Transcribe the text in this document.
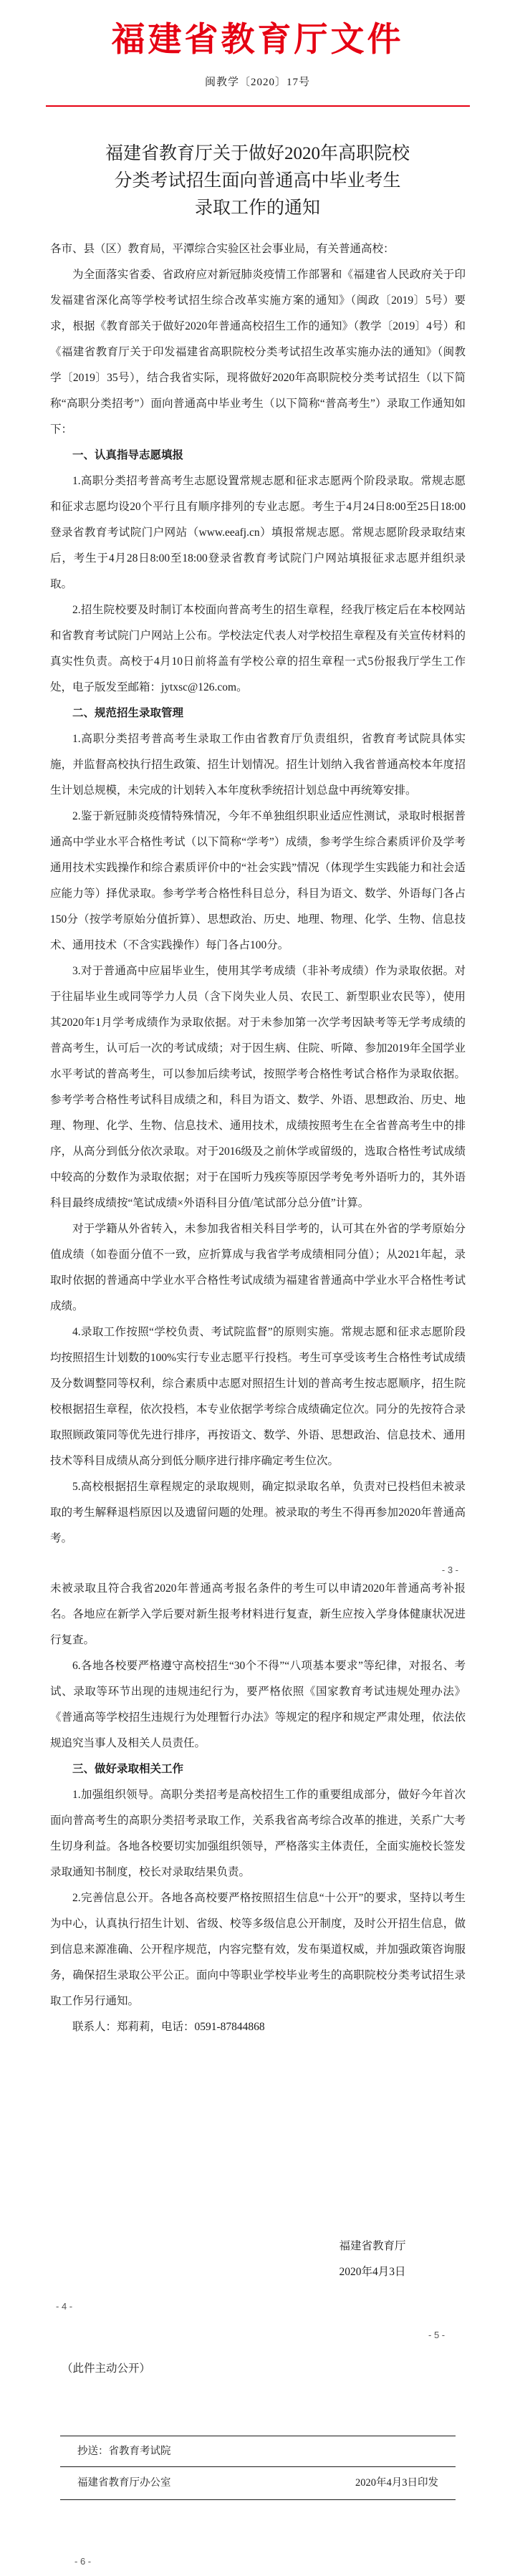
福建省教育厅文件
闽教学〔2020〕17号
福建省教育厅关于做好2020年高职院校
分类考试招生面向普通高中毕业考生
录取工作的通知

各市、县（区）教育局，平潭综合实验区社会事业局，有关普通高校：

为全面落实省委、省政府应对新冠肺炎疫情工作部署和《福建省人民政府关于印发福建省深化高等学校考试招生综合改革实施方案的通知》（闽政〔2019〕5号）要求，根据《教育部关于做好2020年普通高校招生工作的通知》（教学〔2019〕4号）和《福建省教育厅关于印发福建省高职院校分类考试招生改革实施办法的通知》（闽教学〔2019〕35号），结合我省实际，现将做好2020年高职院校分类考试招生（以下简称“高职分类招考”）面向普通高中毕业考生（以下简称“普高考生”）录取工作通知如下：

一、认真指导志愿填报

1.高职分类招考普高考生志愿设置常规志愿和征求志愿两个阶段录取。常规志愿和征求志愿均设20个平行且有顺序排列的专业志愿。考生于4月24日8:00至25日18:00登录省教育考试院门户网站（www.eeafj.cn）填报常规志愿。常规志愿阶段录取结束后，考生于4月28日8:00至18:00登录省教育考试院门户网站填报征求志愿并组织录取。

2.招生院校要及时制订本校面向普高考生的招生章程，经我厅核定后在本校网站和省教育考试院门户网站上公布。学校法定代表人对学校招生章程及有关宣传材料的真实性负责。高校于4月10日前将盖有学校公章的招生章程一式5份报我厅学生工作处，电子版发至邮箱：jytxsc@126.com。

二、规范招生录取管理

1.高职分类招考普高考生录取工作由省教育厅负责组织，省教育考试院具体实施，并监督高校执行招生政策、招生计划情况。招生计划纳入我省普通高校本年度招生计划总规模，未完成的计划转入本年度秋季统招计划总盘中再统筹安排。

2.鉴于新冠肺炎疫情特殊情况，今年不单独组织职业适应性测试，录取时根据普通高中学业水平合格性考试（以下简称“学考”）成绩，参考学生综合素质评价及学考通用技术实践操作和综合素质评价中的“社会实践”情况（体现学生实践能力和社会适应能力等）择优录取。参考学考合格性科目总分，科目为语文、数学、外语每门各占150分（按学考原始分值折算）、思想政治、历史、地理、物理、化学、生物、信息技术、通用技术（不含实践操作）每门各占100分。

3.对于普通高中应届毕业生，使用其学考成绩（非补考成绩）作为录取依据。对于往届毕业生或同等学力人员（含下岗失业人员、农民工、新型职业农民等），使用其2020年1月学考成绩作为录取依据。对于未参加第一次学考因缺考等无学考成绩的普高考生，认可后一次的考试成绩；对于因生病、住院、听障、参加2019年全国学业水平考试的普高考生，可以参加后续考试，按照学考合格性考试合格作为录取依据。参考学考合格性考试科目成绩之和，科目为语文、数学、外语、思想政治、历史、地理、物理、化学、生物、信息技术、通用技术，成绩按照考生在全省普高考生中的排序，从高分到低分依次录取。对于2016级及之前休学或留级的，选取合格性考试成绩中较高的分数作为录取依据；对于在国听力残疾等原因学考免考外语听力的，其外语科目最终成绩按“笔试成绩×外语科目分值/笔试部分总分值”计算。

对于学籍从外省转入，未参加我省相关科目学考的，认可其在外省的学考原始分值成绩（如卷面分值不一致，应折算成与我省学考成绩相同分值）；从2021年起，录取时依据的普通高中学业水平合格性考试成绩为福建省普通高中学业水平合格性考试成绩。

4.录取工作按照“学校负责、考试院监督”的原则实施。常规志愿和征求志愿阶段均按照招生计划数的100%实行专业志愿平行投档。考生可享受该考生合格性考试成绩及分数调整同等权利，综合素质中志愿对照招生计划的普高考生按志愿顺序，招生院校根据招生章程，依次投档，本专业依据学考综合成绩确定位次。同分的先按符合录取照顾政策同等优先进行排序，再按语文、数学、外语、思想政治、信息技术、通用技术等科目成绩从高分到低分顺序进行排序确定考生位次。

5.高校根据招生章程规定的录取规则，确定拟录取名单，负责对已投档但未被录取的考生解释退档原因以及遗留问题的处理。被录取的考生不得再参加2020年普通高考。

- 3 -

未被录取且符合我省2020年普通高考报名条件的考生可以申请2020年普通高考补报名。各地应在新学入学后要对新生报考材料进行复查，新生应按入学身体健康状况进行复查。

6.各地各校要严格遵守高校招生“30个不得”“八项基本要求”等纪律，对报名、考试、录取等环节出现的违规违纪行为，要严格依照《国家教育考试违规处理办法》《普通高等学校招生违规行为处理暂行办法》等规定的程序和规定严肃处理，依法依规追究当事人及相关人员责任。

三、做好录取相关工作

1.加强组织领导。高职分类招考是高校招生工作的重要组成部分，做好今年首次面向普高考生的高职分类招考录取工作，关系我省高考综合改革的推进，关系广大考生切身利益。各地各校要切实加强组织领导，严格落实主体责任，全面实施校长签发录取通知书制度，校长对录取结果负责。

2.完善信息公开。各地各高校要严格按照招生信息“十公开”的要求，坚持以考生为中心，认真执行招生计划、省级、校等多级信息公开制度，及时公开招生信息，做到信息来源准确、公开程序规范，内容完整有效，发布渠道权威，并加强政策咨询服务，确保招生录取公平公正。面向中等职业学校毕业考生的高职院校分类考试招生录取工作另行通知。

联系人：郑莉莉，电话：0591-87844868

福建省教育厅
2020年4月3日
- 4 -
- 5 -
（此件主动公开）
抄送：省教育考试院
福建省教育厅办公室	2020年4月3日印发
- 6 -
